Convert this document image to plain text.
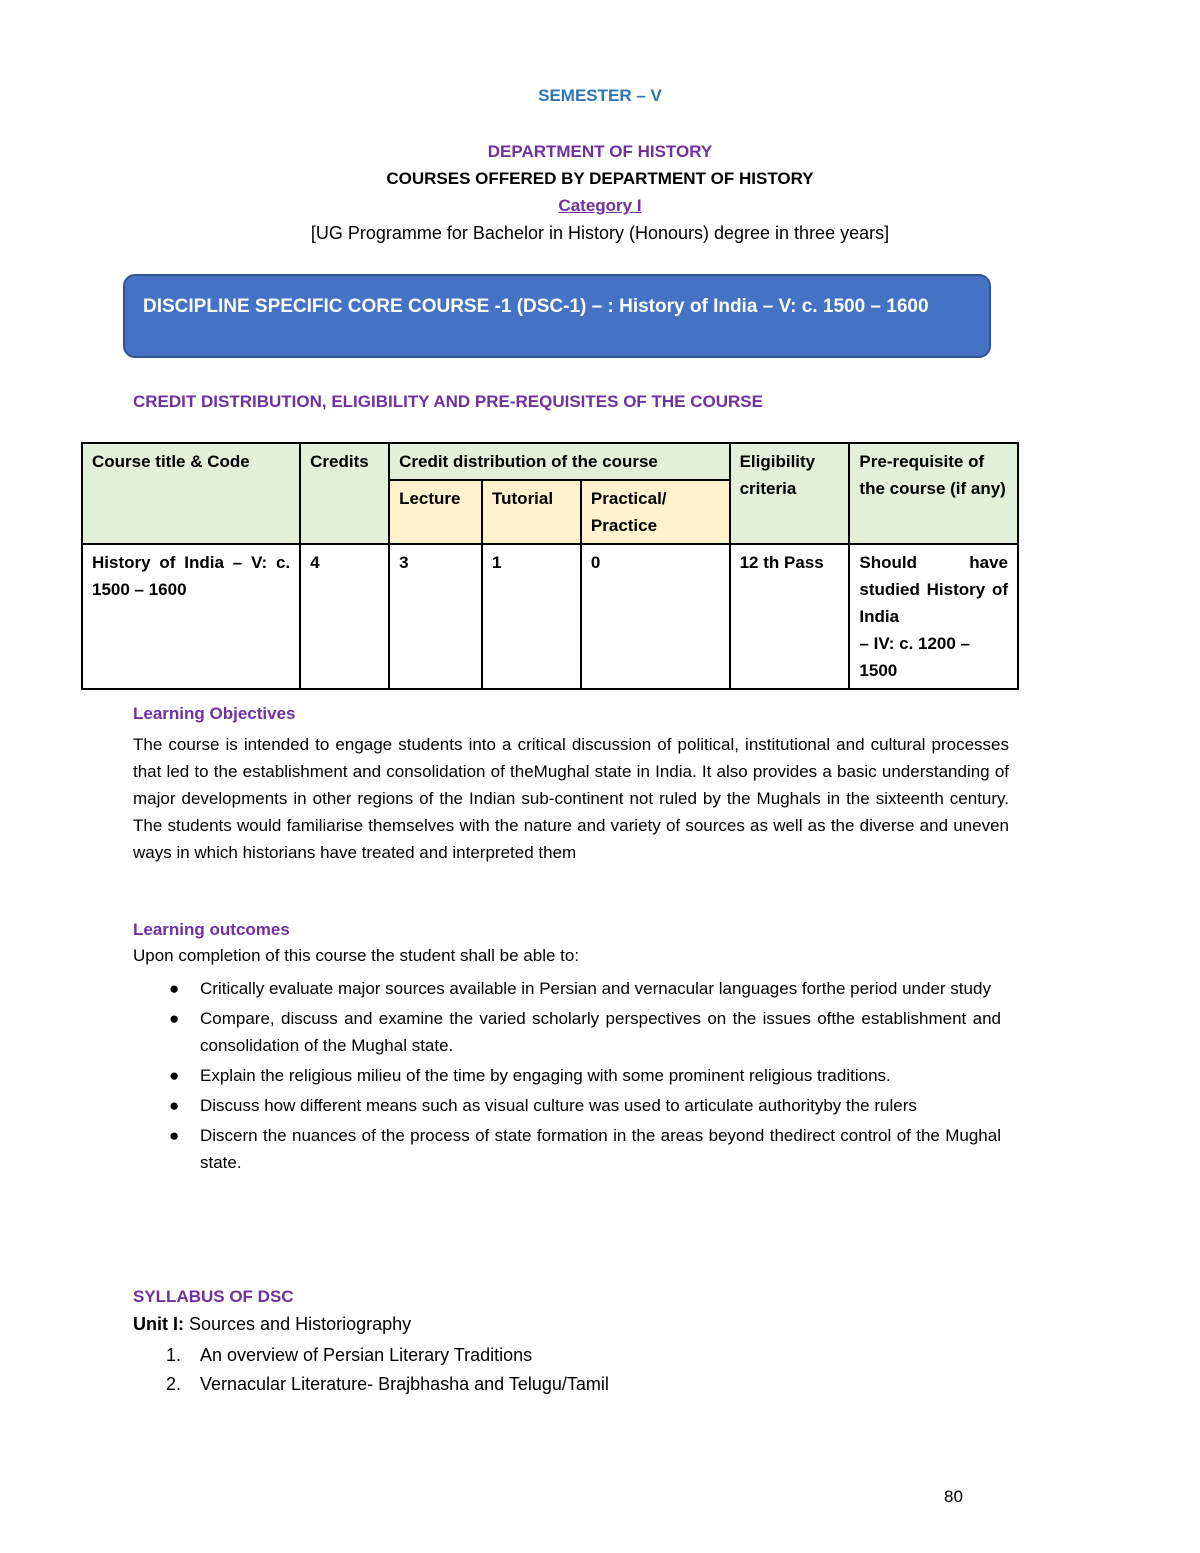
SEMESTER – V
DEPARTMENT OF HISTORY
COURSES OFFERED BY DEPARTMENT OF HISTORY
Category I
[UG Programme for Bachelor in History (Honours) degree in three years]
DISCIPLINE SPECIFIC CORE COURSE -1 (DSC-1) – : History of India – V: c. 1500 – 1600
CREDIT DISTRIBUTION, ELIGIBILITY AND PRE-REQUISITES OF THE COURSE
Course title & Code	Credits	Credit distribution of the course			Eligibility criteria	Pre-requisite of the course (if any)
		Lecture	Tutorial	Practical/ Practice		
History of India – V: c. 1500 – 1600	4	3	1	0	12 th Pass	Should have studied History of India
– IV: c. 1200 – 1500
Learning Objectives
The course is intended to engage students into a critical discussion of political, institutional and cultural processes that led to the establishment and consolidation of theMughal state in India. It also provides a basic understanding of major developments in other regions of the Indian sub-continent not ruled by the Mughals in the sixteenth century. The students would familiarise themselves with the nature and variety of sources as well as the diverse and uneven ways in which historians have treated and interpreted them
Learning outcomes
Upon completion of this course the student shall be able to:
● Critically evaluate major sources available in Persian and vernacular languages forthe period under study
● Compare, discuss and examine the varied scholarly perspectives on the issues ofthe establishment and consolidation of the Mughal state.
● Explain the religious milieu of the time by engaging with some prominent religious traditions.
● Discuss how different means such as visual culture was used to articulate authorityby the rulers
● Discern the nuances of the process of state formation in the areas beyond thedirect control of the Mughal state.
SYLLABUS OF DSC
Unit I: Sources and Historiography
1. An overview of Persian Literary Traditions
2. Vernacular Literature- Brajbhasha and Telugu/Tamil
80
